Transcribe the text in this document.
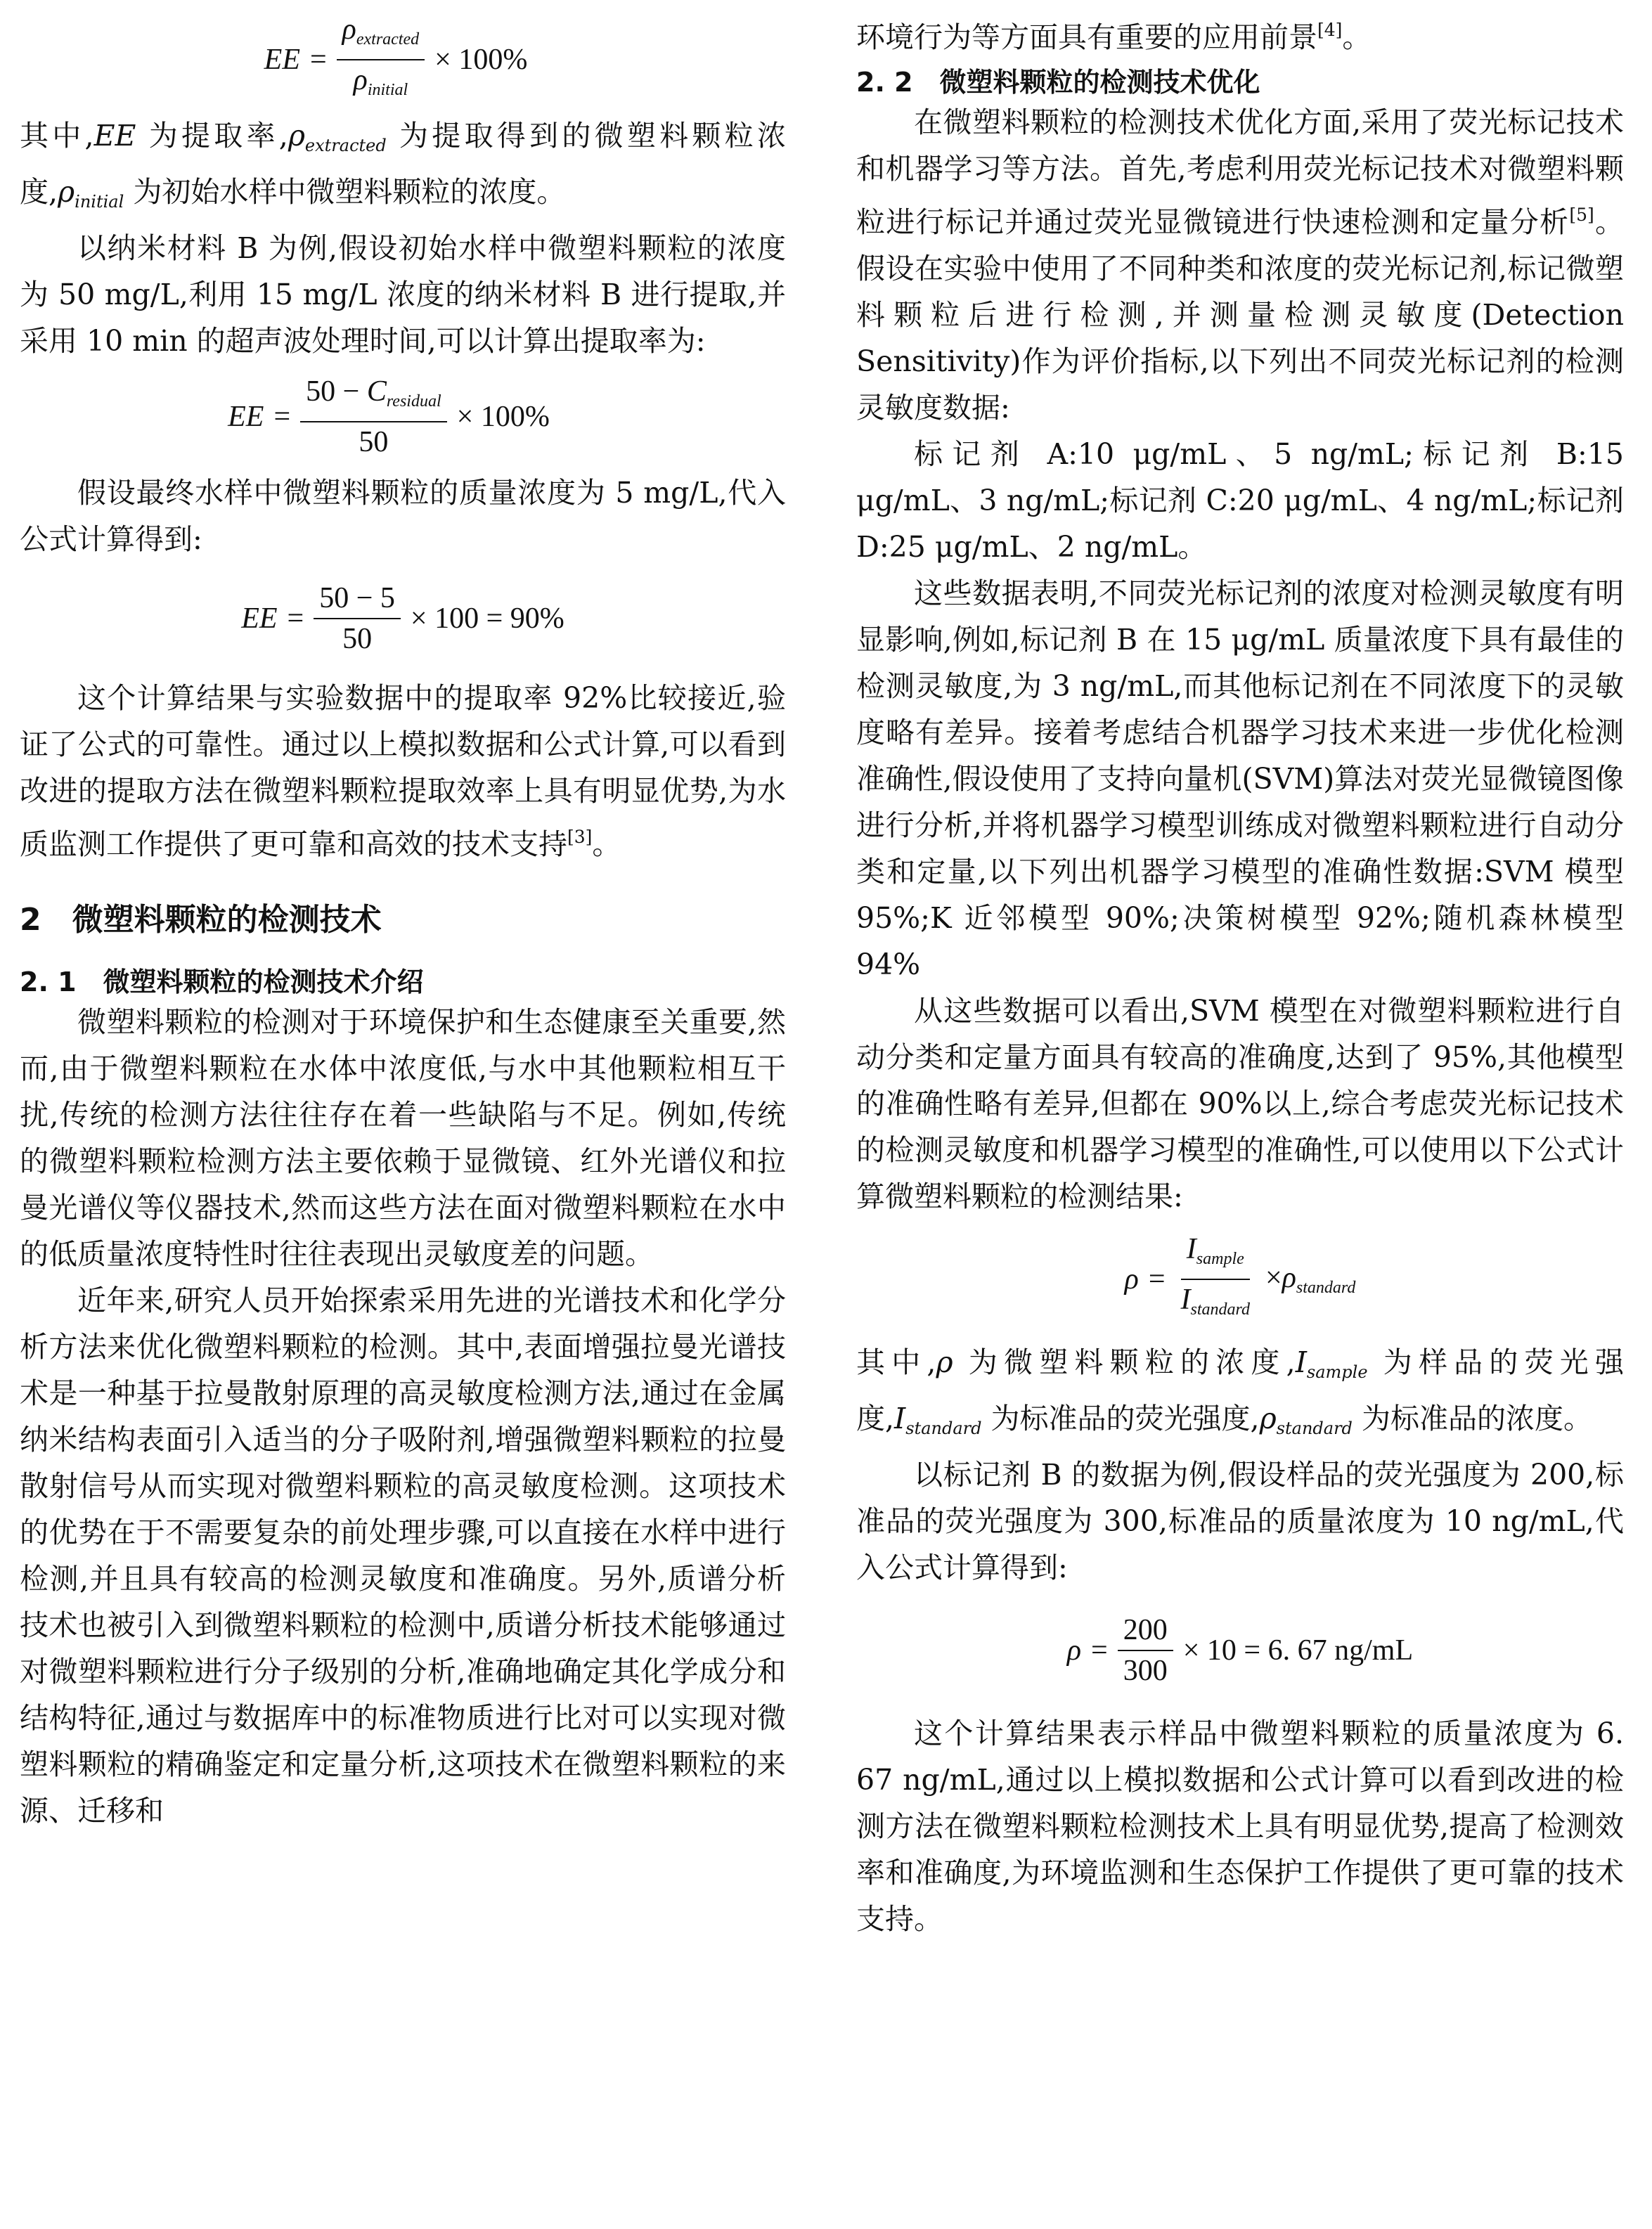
EE = $\frac{\rho_{extracted}}{\rho_{initial}} \times 100\%$

其中,EE 为提取率$,\rho_{extracted}$ 为提取得到的微塑料颗粒浓度$,\rho_{initial}$ 为初始水样中微塑料颗粒的浓度。

以纳米材料 B 为例,假设初始水样中微塑料颗粒的浓度为 50 mg/L,利用 15 mg/L 浓度的纳米材料 B 进行提取,并采用 10 min 的超声波处理时间,可以计算出提取率为:

EE = $\frac{50 - C_{residual}}{50} \times 100\%$

假设最终水样中微塑料颗粒的质量浓度为 5 mg/L,代入公式计算得到:

EE = $\frac{50 - 5}{50} \times 100 = 90\%$

这个计算结果与实验数据中的提取率 92%比较接近,验证了公式的可靠性。通过以上模拟数据和公式计算,可以看到改进的提取方法在微塑料颗粒提取效率上具有明显优势,为水质监测工作提供了更可靠和高效的技术支持[3]。

2　微塑料颗粒的检测技术
2. 1　微塑料颗粒的检测技术介绍

微塑料颗粒的检测对于环境保护和生态健康至关重要,然而,由于微塑料颗粒在水体中浓度低,与水中其他颗粒相互干扰,传统的检测方法往往存在着一些缺陷与不足。例如,传统的微塑料颗粒检测方法主要依赖于显微镜、红外光谱仪和拉曼光谱仪等仪器技术,然而这些方法在面对微塑料颗粒在水中的低质量浓度特性时往往表现出灵敏度差的问题。

近年来,研究人员开始探索采用先进的光谱技术和化学分析方法来优化微塑料颗粒的检测。其中,表面增强拉曼光谱技术是一种基于拉曼散射原理的高灵敏度检测方法,通过在金属纳米结构表面引入适当的分子吸附剂,增强微塑料颗粒的拉曼散射信号从而实现对微塑料颗粒的高灵敏度检测。这项技术的优势在于不需要复杂的前处理步骤,可以直接在水样中进行检测,并且具有较高的检测灵敏度和准确度。另外,质谱分析技术也被引入到微塑料颗粒的检测中,质谱分析技术能够通过对微塑料颗粒进行分子级别的分析,准确地确定其化学成分和结构特征,通过与数据库中的标准物质进行比对可以实现对微塑料颗粒的精确鉴定和定量分析,这项技术在微塑料颗粒的来源、迁移和

环境行为等方面具有重要的应用前景[4]。

2. 2　微塑料颗粒的检测技术优化

在微塑料颗粒的检测技术优化方面,采用了荧光标记技术和机器学习等方法。首先,考虑利用荧光标记技术对微塑料颗粒进行标记并通过荧光显微镜进行快速检测和定量分析[5]。假设在实验中使用了不同种类和浓度的荧光标记剂,标记微塑料颗粒后进行检测,并测量检测灵敏度(Detection Sensitivity)作为评价指标,以下列出不同荧光标记剂的检测灵敏度数据:

标记剂 A:10 μg/mL、5 ng/mL;标记剂 B:15 μg/mL、3 ng/mL;标记剂 C:20 μg/mL、4 ng/mL;标记剂 D:25 μg/mL、2 ng/mL。

这些数据表明,不同荧光标记剂的浓度对检测灵敏度有明显影响,例如,标记剂 B 在 15 μg/mL 质量浓度下具有最佳的检测灵敏度,为 3 ng/mL,而其他标记剂在不同浓度下的灵敏度略有差异。接着考虑结合机器学习技术来进一步优化检测准确性,假设使用了支持向量机(SVM)算法对荧光显微镜图像进行分析,并将机器学习模型训练成对微塑料颗粒进行自动分类和定量,以下列出机器学习模型的准确性数据:SVM 模型 95%;K 近邻模型 90%;决策树模型 92%;随机森林模型 94%

从这些数据可以看出,SVM 模型在对微塑料颗粒进行自动分类和定量方面具有较高的准确度,达到了 95%,其他模型的准确性略有差异,但都在 90%以上,综合考虑荧光标记技术的检测灵敏度和机器学习模型的准确性,可以使用以下公式计算微塑料颗粒的检测结果:

$\rho = \frac{I_{sample}}{I_{standard}} \times\rho_{standard}$

其中,ρ 为微塑料颗粒的浓度$,I_{sample}$ 为样品的荧光强度$,I_{standard}$ 为标准品的荧光强度$,\rho_{standard}$ 为标准品的浓度。

以标记剂 B 的数据为例,假设样品的荧光强度为 200,标准品的荧光强度为 300,标准品的质量浓度为 10 ng/mL,代入公式计算得到:

$\rho = \frac{200}{300} \times 10 = 6$. 67 ng/mL

这个计算结果表示样品中微塑料颗粒的质量浓度为 6. 67 ng/mL,通过以上模拟数据和公式计算可以看到改进的检测方法在微塑料颗粒检测技术上具有明显优势,提高了检测效率和准确度,为环境监测和生态保护工作提供了更可靠的技术支持。
